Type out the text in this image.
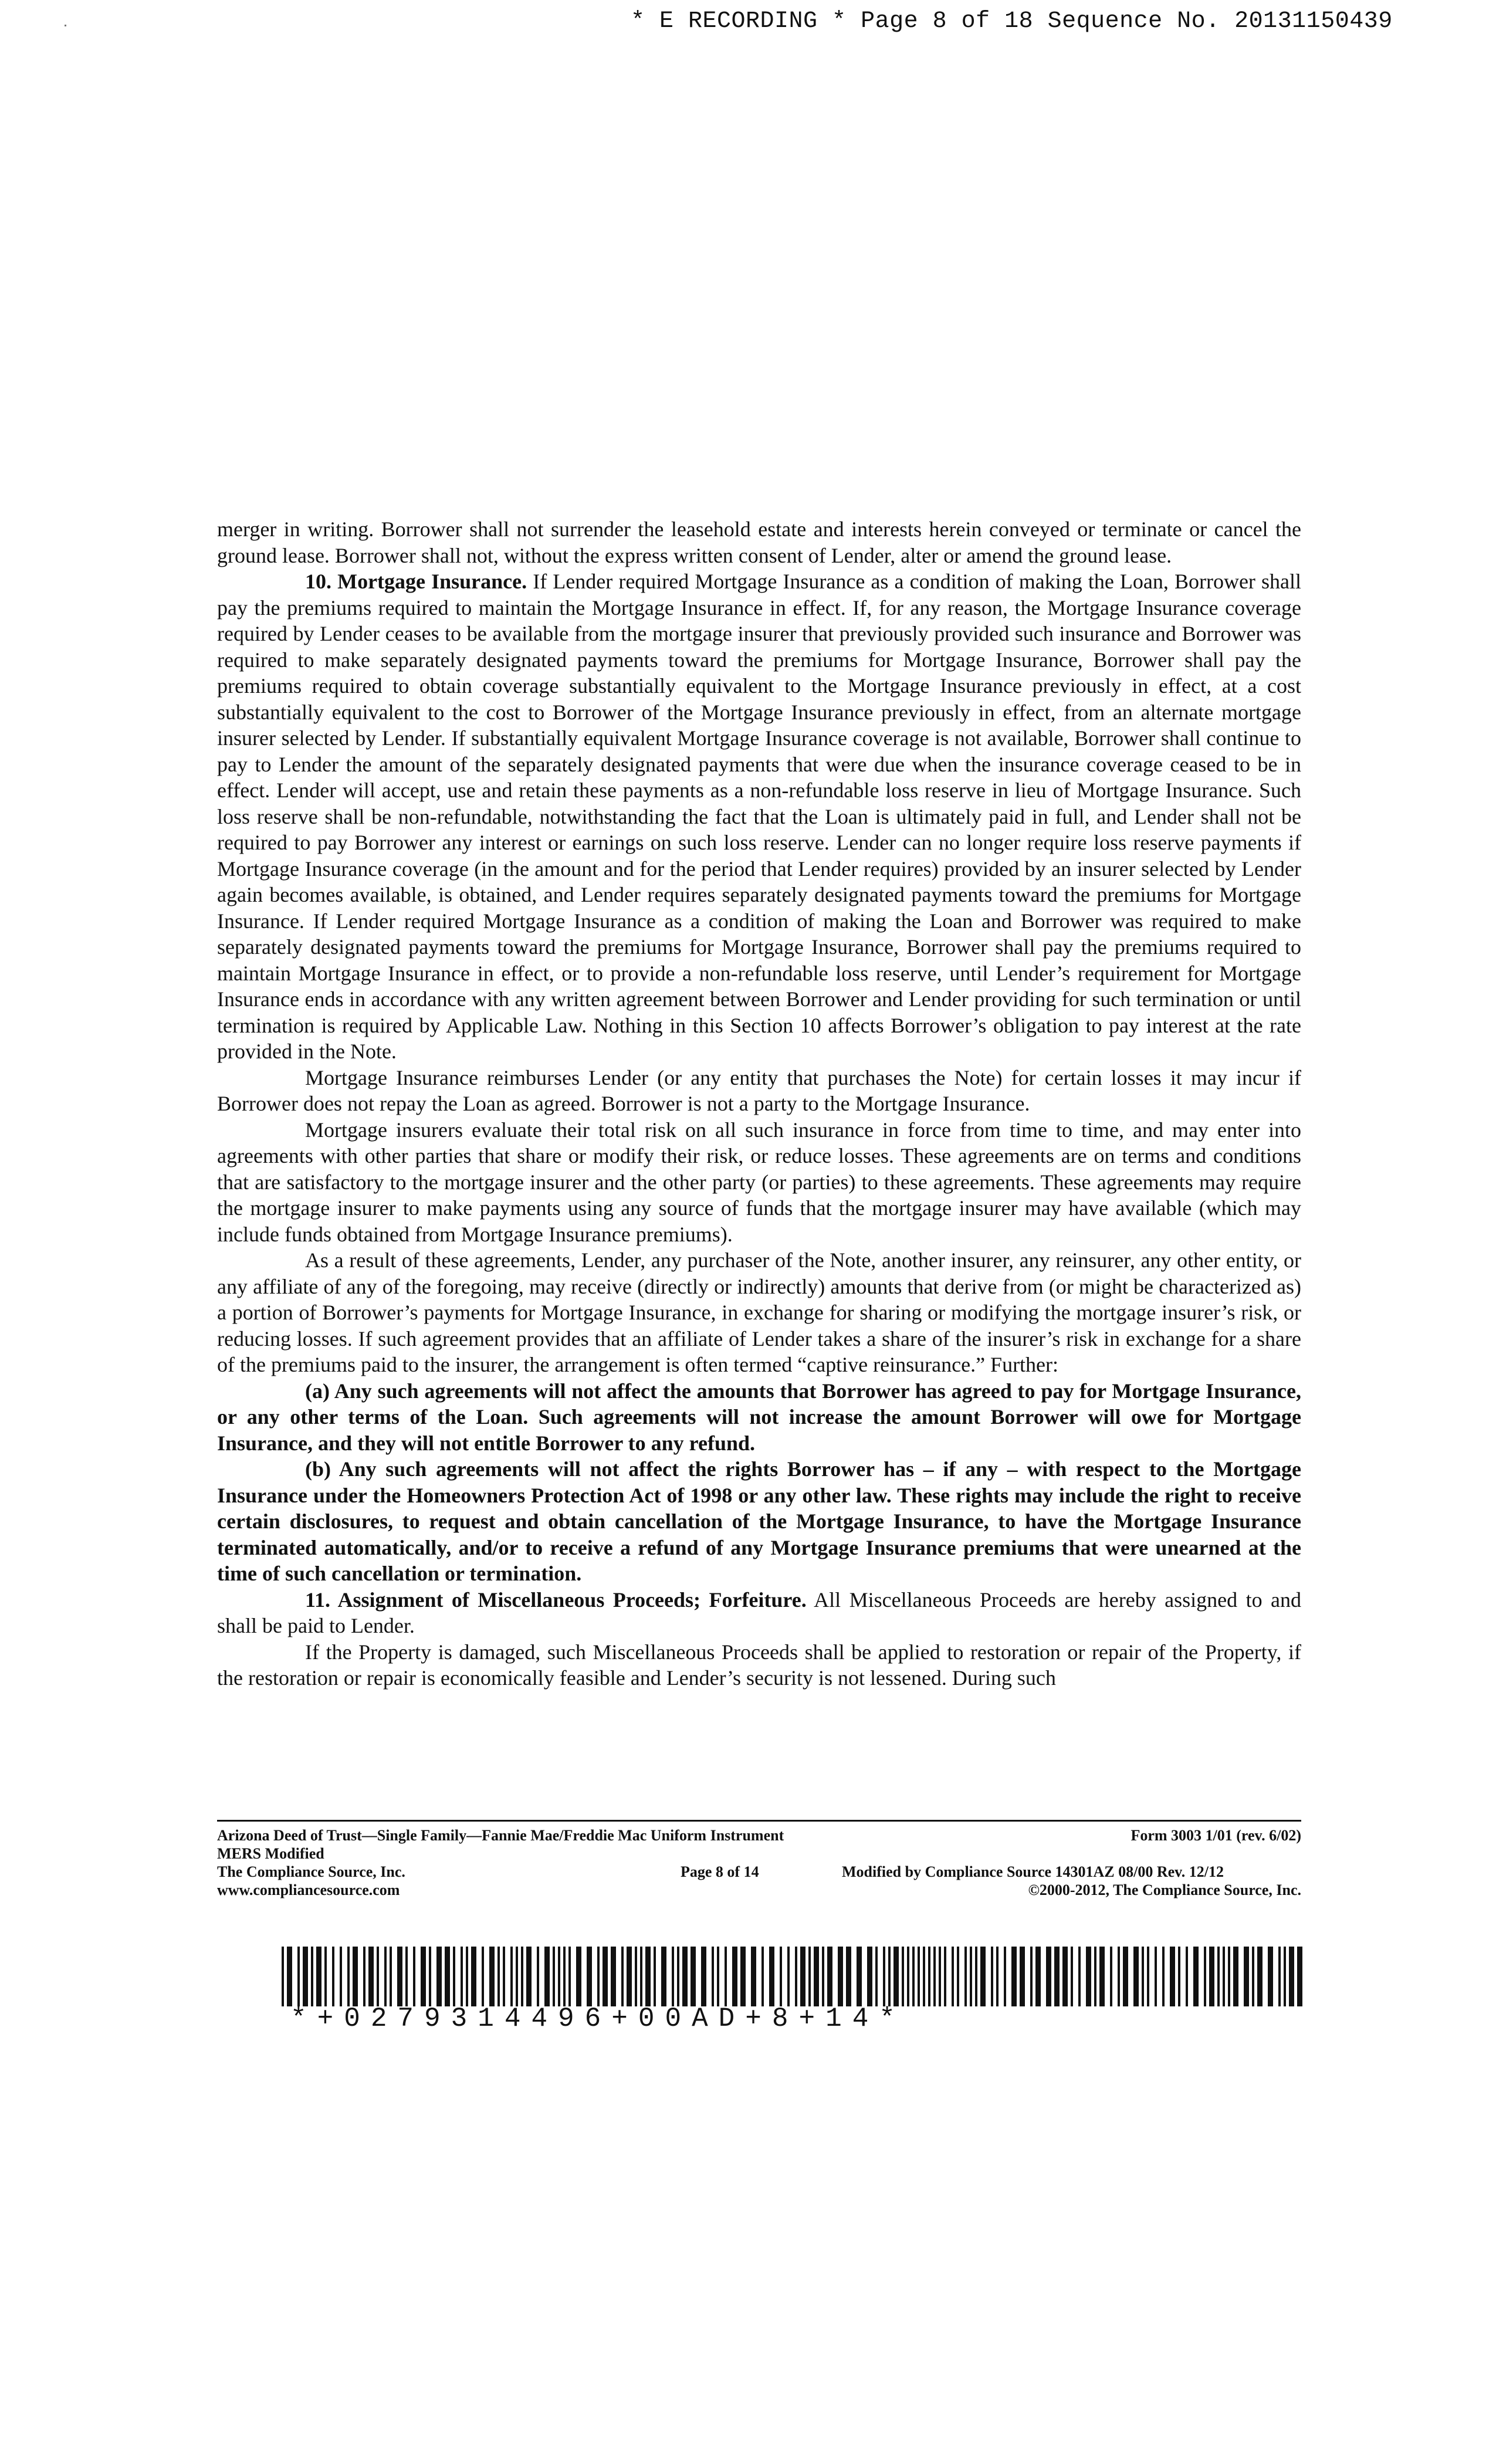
* E RECORDING * Page 8 of 18 Sequence No. 20131150439

merger in writing. Borrower shall not surrender the leasehold estate and interests herein conveyed or terminate or cancel the ground lease. Borrower shall not, without the express written consent of Lender, alter or amend the ground lease.

10. Mortgage Insurance. If Lender required Mortgage Insurance as a condition of making the Loan, Borrower shall pay the premiums required to maintain the Mortgage Insurance in effect. If, for any reason, the Mortgage Insurance coverage required by Lender ceases to be available from the mortgage insurer that previously provided such insurance and Borrower was required to make separately designated payments toward the premiums for Mortgage Insurance, Borrower shall pay the premiums required to obtain coverage substantially equivalent to the Mortgage Insurance previously in effect, at a cost substantially equivalent to the cost to Borrower of the Mortgage Insurance previously in effect, from an alternate mortgage insurer selected by Lender. If substantially equivalent Mortgage Insurance coverage is not available, Borrower shall continue to pay to Lender the amount of the separately designated payments that were due when the insurance coverage ceased to be in effect. Lender will accept, use and retain these payments as a non-refundable loss reserve in lieu of Mortgage Insurance. Such loss reserve shall be non-refundable, notwithstanding the fact that the Loan is ultimately paid in full, and Lender shall not be required to pay Borrower any interest or earnings on such loss reserve. Lender can no longer require loss reserve payments if Mortgage Insurance coverage (in the amount and for the period that Lender requires) provided by an insurer selected by Lender again becomes available, is obtained, and Lender requires separately designated payments toward the premiums for Mortgage Insurance. If Lender required Mortgage Insurance as a condition of making the Loan and Borrower was required to make separately designated payments toward the premiums for Mortgage Insurance, Borrower shall pay the premiums required to maintain Mortgage Insurance in effect, or to provide a non-refundable loss reserve, until Lender’s requirement for Mortgage Insurance ends in accordance with any written agreement between Borrower and Lender providing for such termination or until termination is required by Applicable Law. Nothing in this Section 10 affects Borrower’s obligation to pay interest at the rate provided in the Note.

Mortgage Insurance reimburses Lender (or any entity that purchases the Note) for certain losses it may incur if Borrower does not repay the Loan as agreed. Borrower is not a party to the Mortgage Insurance.

Mortgage insurers evaluate their total risk on all such insurance in force from time to time, and may enter into agreements with other parties that share or modify their risk, or reduce losses. These agreements are on terms and conditions that are satisfactory to the mortgage insurer and the other party (or parties) to these agreements. These agreements may require the mortgage insurer to make payments using any source of funds that the mortgage insurer may have available (which may include funds obtained from Mortgage Insurance premiums).

As a result of these agreements, Lender, any purchaser of the Note, another insurer, any reinsurer, any other entity, or any affiliate of any of the foregoing, may receive (directly or indirectly) amounts that derive from (or might be characterized as) a portion of Borrower’s payments for Mortgage Insurance, in exchange for sharing or modifying the mortgage insurer’s risk, or reducing losses. If such agreement provides that an affiliate of Lender takes a share of the insurer’s risk in exchange for a share of the premiums paid to the insurer, the arrangement is often termed “captive reinsurance.” Further:

(a) Any such agreements will not affect the amounts that Borrower has agreed to pay for Mortgage Insurance, or any other terms of the Loan. Such agreements will not increase the amount Borrower will owe for Mortgage Insurance, and they will not entitle Borrower to any refund.

(b) Any such agreements will not affect the rights Borrower has – if any – with respect to the Mortgage Insurance under the Homeowners Protection Act of 1998 or any other law. These rights may include the right to receive certain disclosures, to request and obtain cancellation of the Mortgage Insurance, to have the Mortgage Insurance terminated automatically, and/or to receive a refund of any Mortgage Insurance premiums that were unearned at the time of such cancellation or termination.

11. Assignment of Miscellaneous Proceeds; Forfeiture. All Miscellaneous Proceeds are hereby assigned to and shall be paid to Lender.

If the Property is damaged, such Miscellaneous Proceeds shall be applied to restoration or repair of the Property, if the restoration or repair is economically feasible and Lender’s security is not lessened. During such

Arizona Deed of Trust—Single Family—Fannie Mae/Freddie Mac Uniform Instrument	Form 3003 1/01 (rev. 6/02)
MERS Modified
The Compliance Source, Inc.	Page 8 of 14	Modified by Compliance Source 14301AZ 08/00 Rev. 12/12
www.compliancesource.com	©2000-2012, The Compliance Source, Inc.
*+0279314496+00AD+8+14*
